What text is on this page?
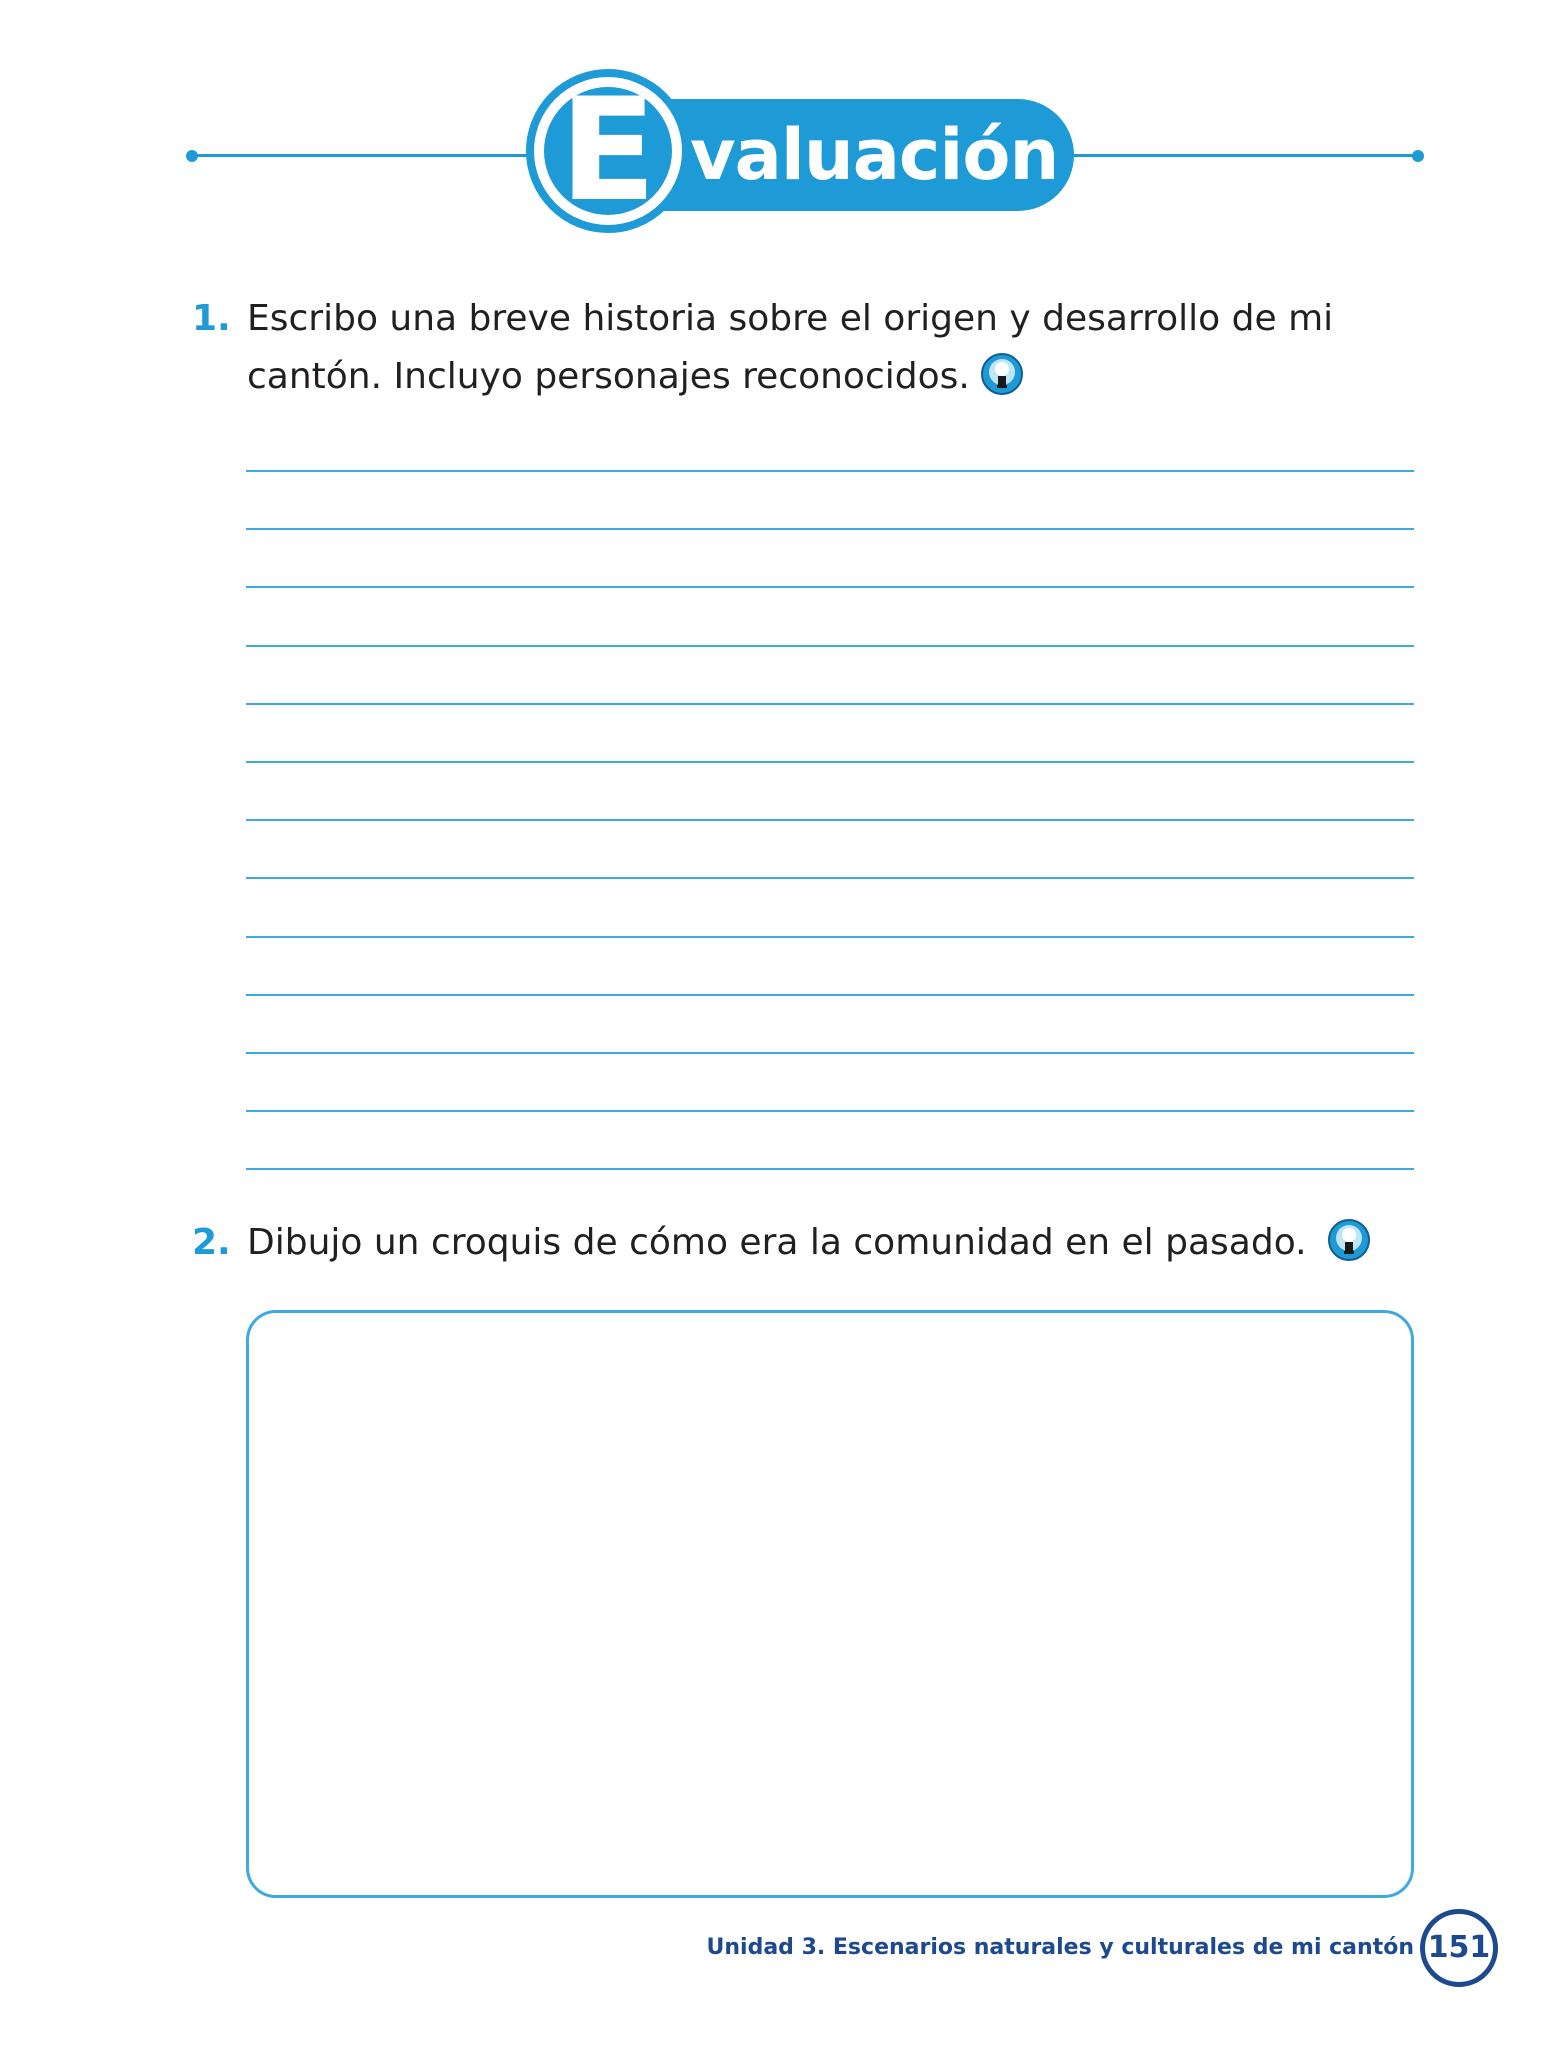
valuación
E
1. Escribo una breve historia sobre el origen y desarrollo de mi cantón. Incluyo personajes reconocidos.
2. Dibujo un croquis de cómo era la comunidad en el pasado.
Unidad 3. Escenarios naturales y culturales de mi cantón 151
